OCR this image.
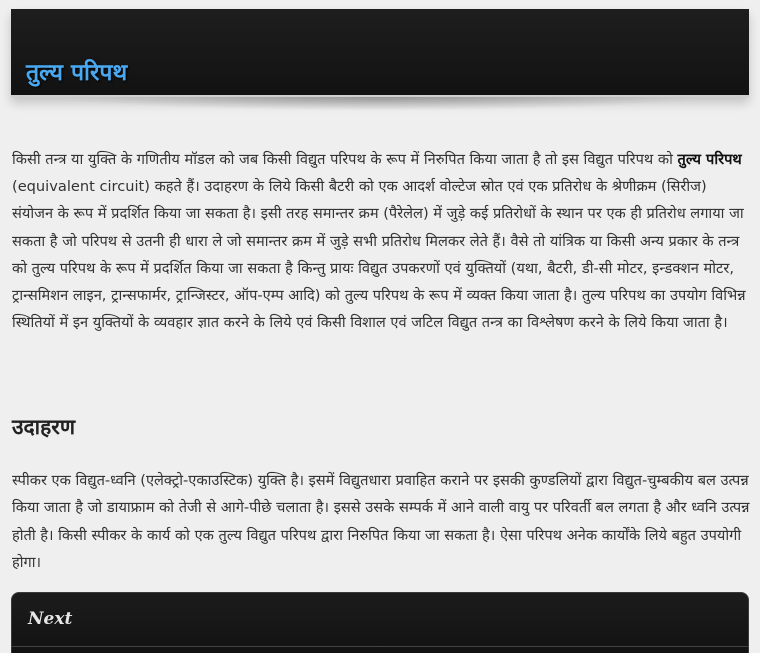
तुल्य परिपथ

किसी तन्त्र या युक्ति के गणितीय मॉडल को जब किसी विद्युत परिपथ के रूप में निरुपित किया जाता है तो इस विद्युत परिपथ को तुल्य परिपथ (equivalent circuit) कहते हैं। उदाहरण के लिये किसी बैटरी को एक आदर्श वोल्टेज स्रोत एवं एक प्रतिरोध के श्रेणीक्रम (सिरीज) संयोजन के रूप में प्रदर्शित किया जा सकता है। इसी तरह समान्तर क्रम (पैरेलेल) में जुड़े कई प्रतिरोधों के स्थान पर एक ही प्रतिरोध लगाया जा सकता है जो परिपथ से उतनी ही धारा ले जो समान्तर क्रम में जुड़े सभी प्रतिरोध मिलकर लेते हैं। वैसे तो यांत्रिक या किसी अन्य प्रकार के तन्त्र को तुल्य परिपथ के रूप में प्रदर्शित किया जा सकता है किन्तु प्रायः विद्युत उपकरणों एवं युक्तियों (यथा, बैटरी, डी-सी मोटर, इन्डक्शन मोटर, ट्रान्समिशन लाइन, ट्रान्सफार्मर, ट्रान्जिस्टर, ऑप-एम्प आदि) को तुल्य परिपथ के रूप में व्यक्त किया जाता है। तुल्य परिपथ का उपयोग विभिन्न स्थितियों में इन युक्तियों के व्यवहार ज्ञात करने के लिये एवं किसी विशाल एवं जटिल विद्युत तन्त्र का विश्लेषण करने के लिये किया जाता है।

उदाहरण

स्पीकर एक विद्युत-ध्वनि (एलेक्ट्रो-एकाउस्टिक) युक्ति है। इसमें विद्युतधारा प्रवाहित कराने पर इसकी कुण्डलियों द्वारा विद्युत-चुम्बकीय बल उत्पन्न किया जाता है जो डायाफ्राम को तेजी से आगे-पीछे चलाता है। इससे उसके सम्पर्क में आने वाली वायु पर परिवर्ती बल लगता है और ध्वनि उत्पन्न होती है। किसी स्पीकर के कार्य को एक तुल्य विद्युत परिपथ द्वारा निरुपित किया जा सकता है। ऐसा परिपथ अनेक कार्योंके लिये बहुत उपयोगी होगा।

Next
